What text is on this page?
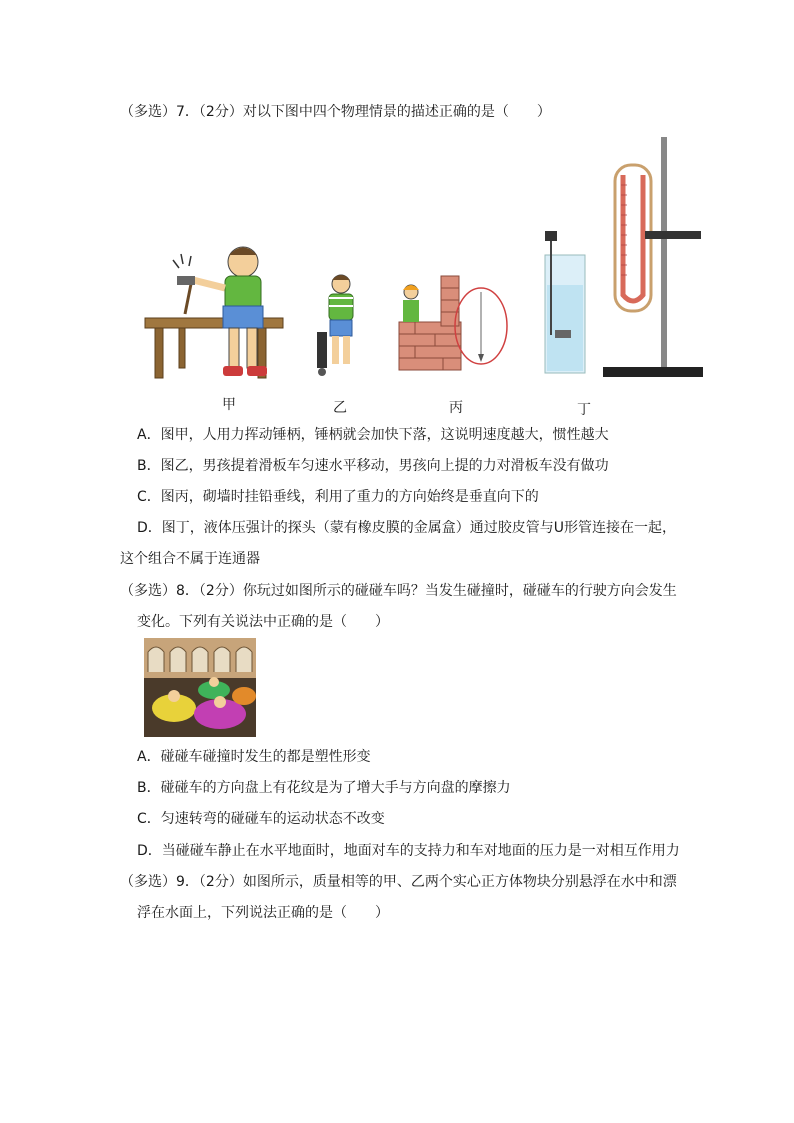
（多选）7．（2分）对以下图中四个物理情景的描述正确的是（　　）
甲	乙	丙	丁
A．图甲，人用力挥动锤柄，锤柄就会加快下落，这说明速度越大，惯性越大
B．图乙，男孩提着滑板车匀速水平移动，男孩向上提的力对滑板车没有做功
C．图丙，砌墙时挂铅垂线，利用了重力的方向始终是垂直向下的
D．图丁，液体压强计的探头（蒙有橡皮膜的金属盒）通过胶皮管与U形管连接在一起，
这个组合不属于连通器
（多选）8．（2分）你玩过如图所示的碰碰车吗？当发生碰撞时，碰碰车的行驶方向会发生
变化。下列有关说法中正确的是（　　）
A．碰碰车碰撞时发生的都是塑性形变
B．碰碰车的方向盘上有花纹是为了增大手与方向盘的摩擦力
C．匀速转弯的碰碰车的运动状态不改变
D．当碰碰车静止在水平地面时，地面对车的支持力和车对地面的压力是一对相互作用力
（多选）9．（2分）如图所示，质量相等的甲、乙两个实心正方体物块分别悬浮在水中和漂
浮在水面上，下列说法正确的是（　　）
